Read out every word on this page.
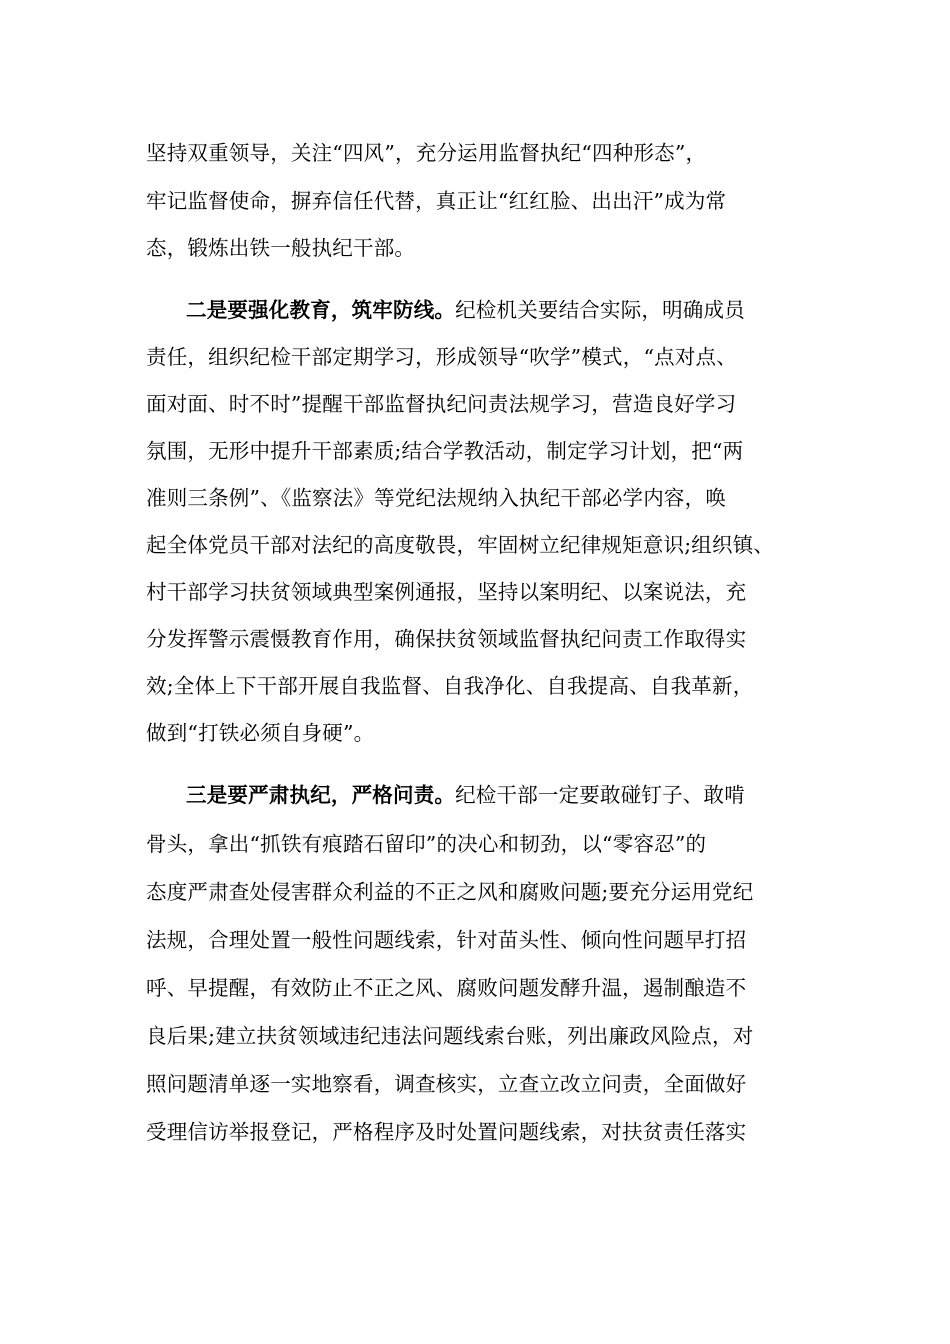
坚持双重领导，关注“四风”，充分运用监督执纪“四种形态”，
牢记监督使命，摒弃信任代替，真正让“红红脸、出出汗”成为常
态，锻炼出铁一般执纪干部。
二是要强化教育，筑牢防线。纪检机关要结合实际，明确成员
责任，组织纪检干部定期学习，形成领导“吹学”模式，“点对点、
面对面、时不时”提醒干部监督执纪问责法规学习，营造良好学习
氛围，无形中提升干部素质;结合学教活动，制定学习计划，把“两
准则三条例”、《监察法》等党纪法规纳入执纪干部必学内容，唤
起全体党员干部对法纪的高度敬畏，牢固树立纪律规矩意识;组织镇、
村干部学习扶贫领域典型案例通报，坚持以案明纪、以案说法，充
分发挥警示震慑教育作用，确保扶贫领域监督执纪问责工作取得实
效;全体上下干部开展自我监督、自我净化、自我提高、自我革新，
做到“打铁必须自身硬”。
三是要严肃执纪，严格问责。纪检干部一定要敢碰钉子、敢啃
骨头，拿出“抓铁有痕踏石留印”的决心和韧劲，以“零容忍”的
态度严肃查处侵害群众利益的不正之风和腐败问题;要充分运用党纪
法规，合理处置一般性问题线索，针对苗头性、倾向性问题早打招
呼、早提醒，有效防止不正之风、腐败问题发酵升温，遏制酿造不
良后果;建立扶贫领域违纪违法问题线索台账，列出廉政风险点，对
照问题清单逐一实地察看，调查核实，立查立改立问责，全面做好
受理信访举报登记，严格程序及时处置问题线索，对扶贫责任落实
